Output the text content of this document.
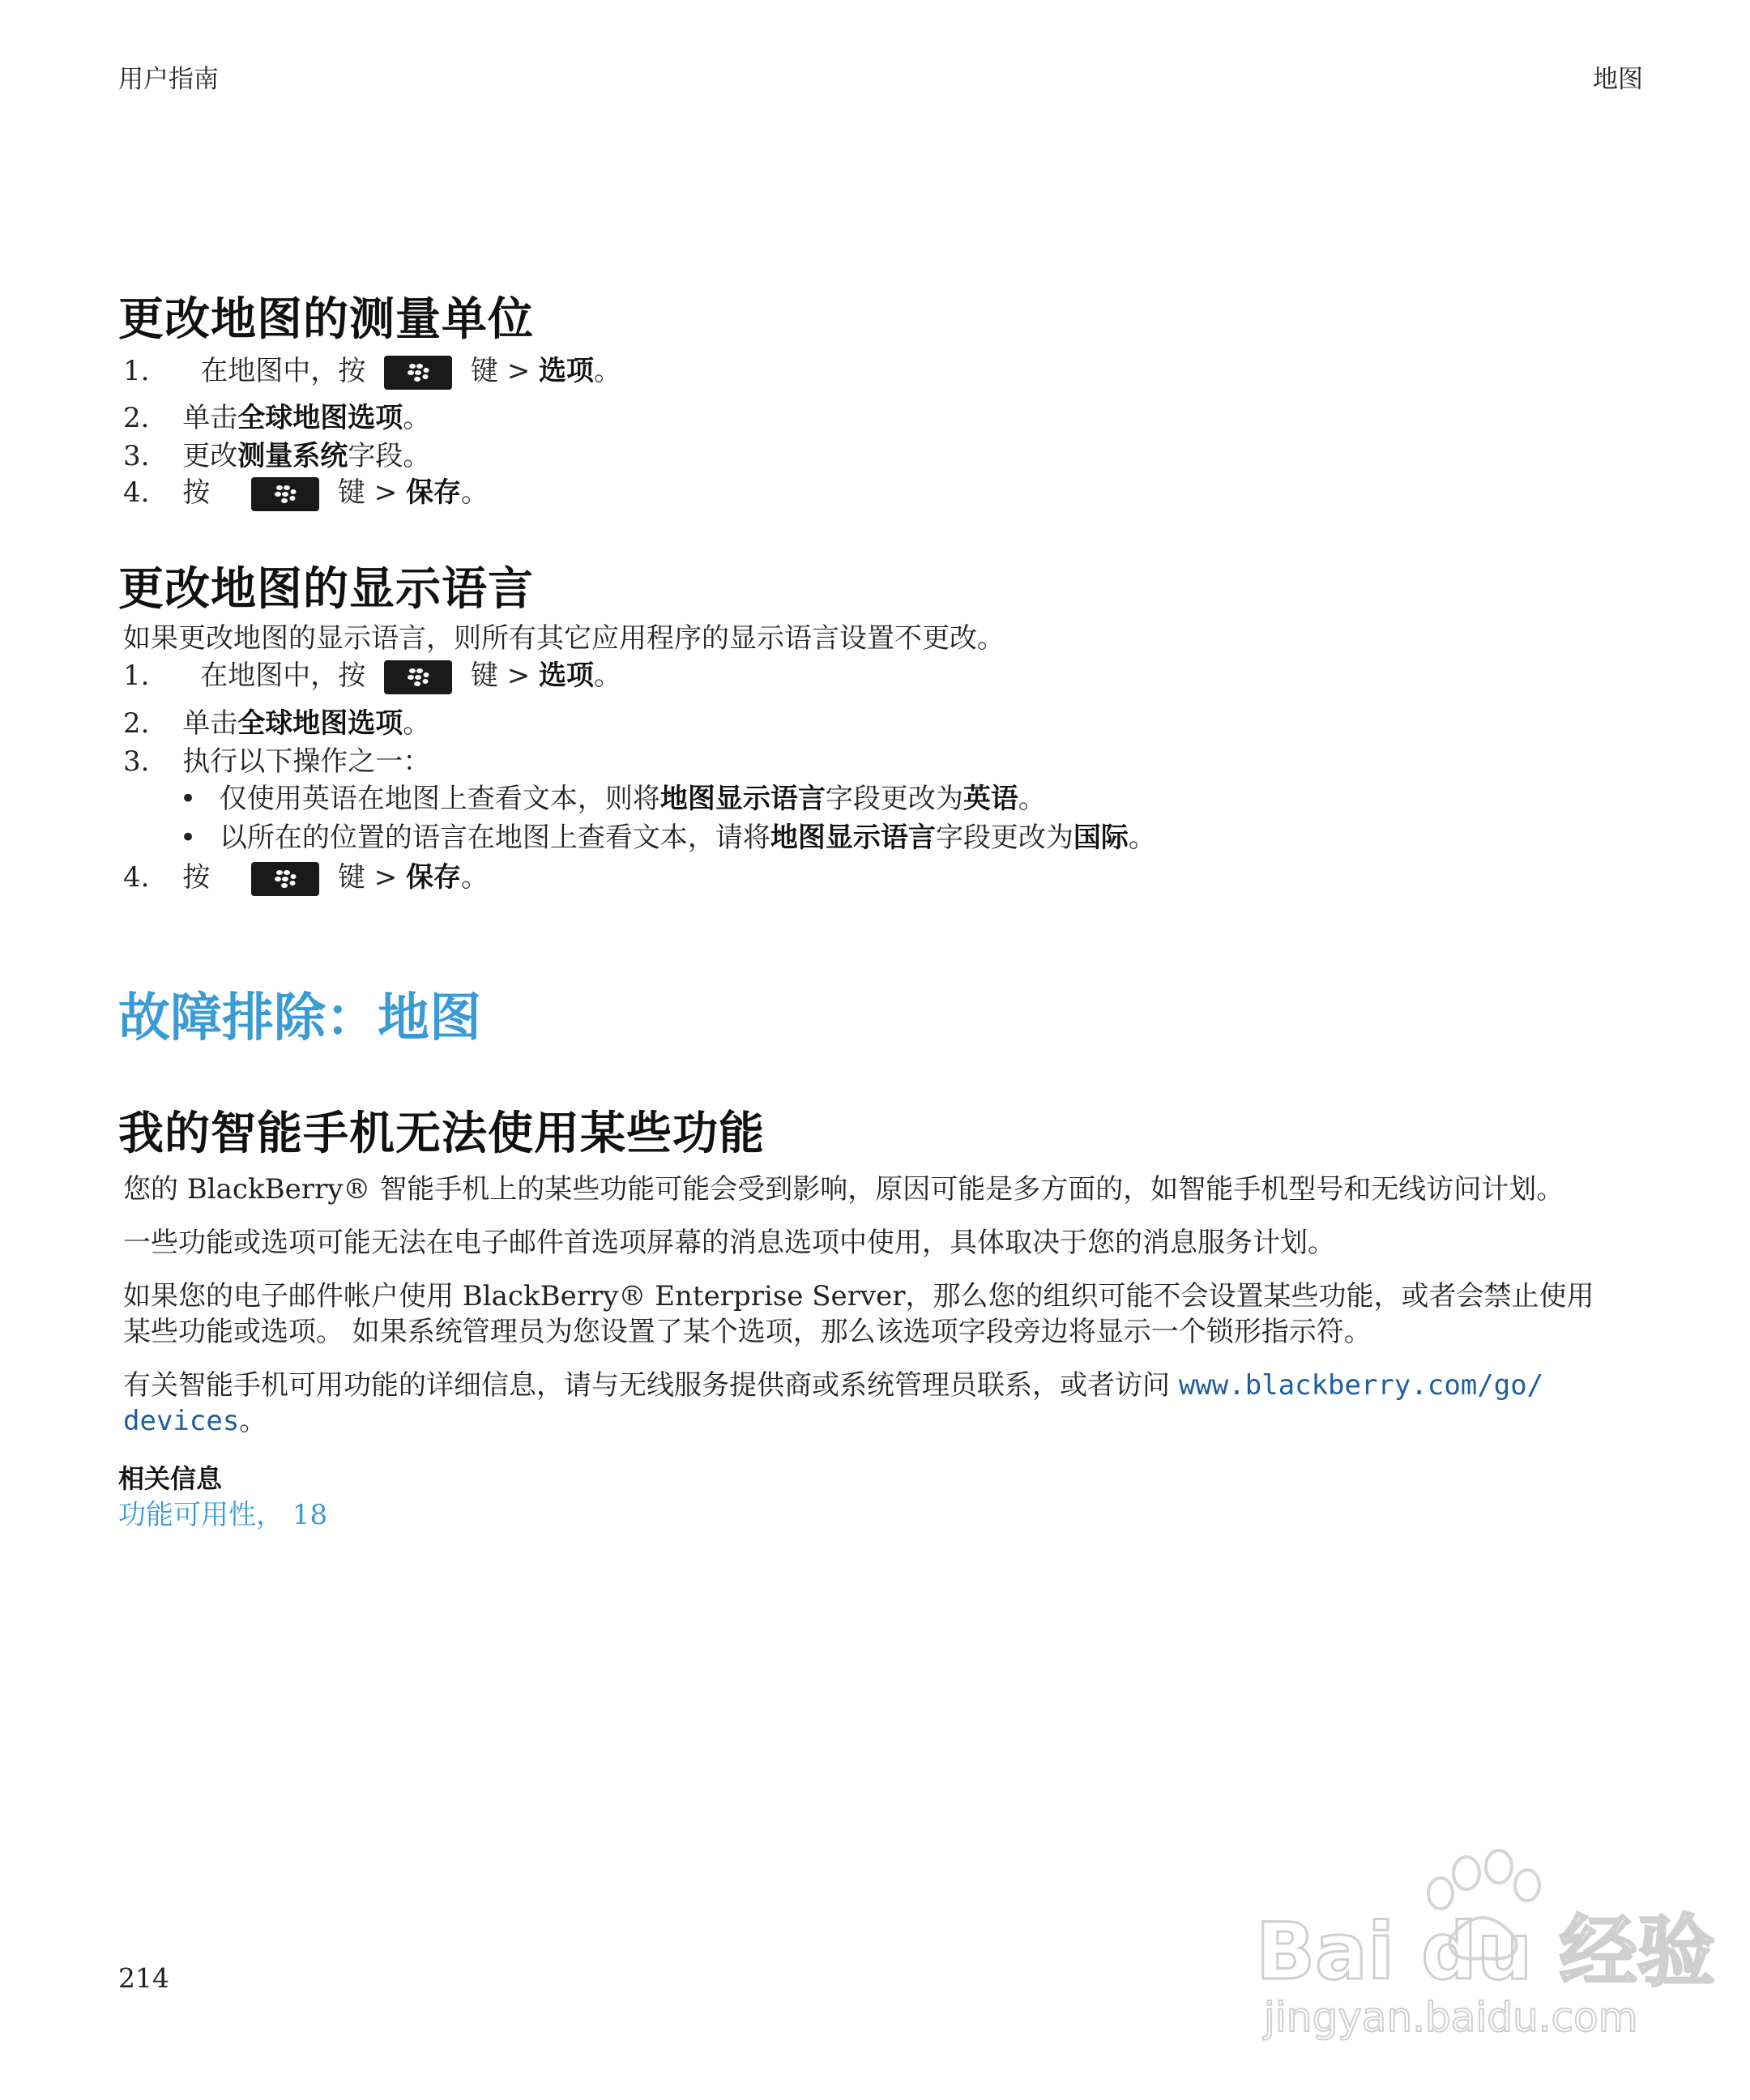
用户指南	地图
更改地图的测量单位
1. 在地图中，按	键 > 选项。
2. 单击全球地图选项。
3. 更改测量系统字段。
4. 按	键 > 保存。
更改地图的显示语言
如果更改地图的显示语言，则所有其它应用程序的显示语言设置不更改。
1. 在地图中，按	键 > 选项。
2. 单击全球地图选项。
3. 执行以下操作之一：
• 仅使用英语在地图上查看文本，则将地图显示语言字段更改为英语。
• 以所在的位置的语言在地图上查看文本，请将地图显示语言字段更改为国际。
4. 按	键 > 保存。
故障排除：地图
我的智能手机无法使用某些功能
您的 BlackBerry® 智能手机上的某些功能可能会受到影响，原因可能是多方面的，如智能手机型号和无线访问计划。
一些功能或选项可能无法在电子邮件首选项屏幕的消息选项中使用，具体取决于您的消息服务计划。
如果您的电子邮件帐户使用 BlackBerry® Enterprise Server，那么您的组织可能不会设置某些功能，或者会禁止使用
某些功能或选项。 如果系统管理员为您设置了某个选项，那么该选项字段旁边将显示一个锁形指示符。
有关智能手机可用功能的详细信息，请与无线服务提供商或系统管理员联系，或者访问 www.blackberry.com/go/
devices。
相关信息
功能可用性， 18
214	Bai du 经验
jingyan.baidu.com
